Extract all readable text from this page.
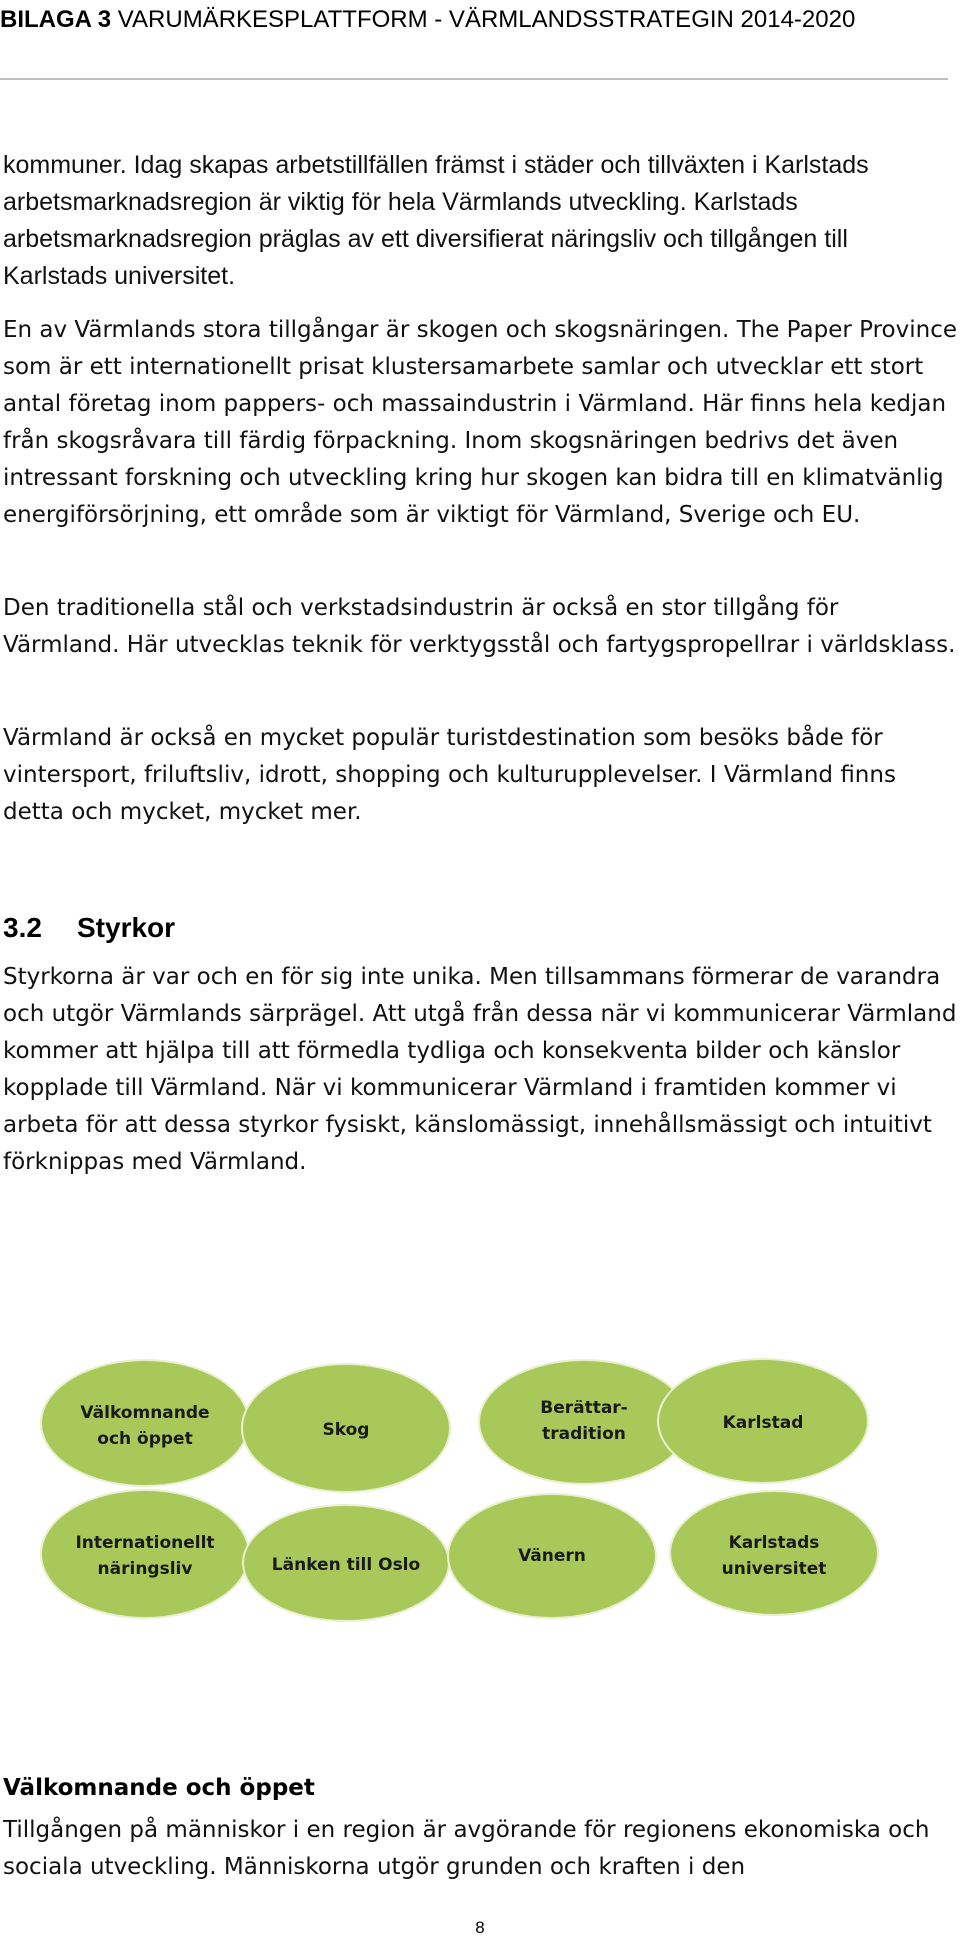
BILAGA 3 VARUMÄRKESPLATTFORM - VÄRMLANDSSTRATEGIN 2014-2020
kommuner. Idag skapas arbetstillfällen främst i städer och tillväxten i Karlstads arbetsmarknadsregion är viktig för hela Värmlands utveckling. Karlstads arbetsmarknadsregion präglas av ett diversifierat näringsliv och tillgången till Karlstads universitet.
En av Värmlands stora tillgångar är skogen och skogsnäringen. The Paper Province som är ett internationellt prisat klustersamarbete samlar och utvecklar ett stort antal företag inom pappers- och massaindustrin i Värmland. Här finns hela kedjan från skogsråvara till färdig förpackning. Inom skogsnäringen bedrivs det även intressant forskning och utveckling kring hur skogen kan bidra till en klimatvänlig energiförsörjning, ett område som är viktigt för Värmland, Sverige och EU.
Den traditionella stål och verkstadsindustrin är också en stor tillgång för Värmland. Här utvecklas teknik för verktygsstål och fartygspropellrar i världsklass.
Värmland är också en mycket populär turistdestination som besöks både för vintersport, friluftsliv, idrott, shopping och kulturupplevelser. I Värmland finns detta och mycket, mycket mer.
3.2 Styrkor
Styrkorna är var och en för sig inte unika. Men tillsammans förmerar de varandra och utgör Värmlands särprägel. Att utgå från dessa när vi kommunicerar Värmland kommer att hjälpa till att förmedla tydliga och konsekventa bilder och känslor kopplade till Värmland. När vi kommunicerar Värmland i framtiden kommer vi arbeta för att dessa styrkor fysiskt, känslomässigt, innehållsmässigt och intuitivt förknippas med Värmland.
Välkomnande
och öppet	Skog
Berättar-
tradition
Karlstad
Internationellt
näringsliv	Länken till Oslo	Vänern
Karlstads
universitet
Välkomnande och öppet
Tillgången på människor i en region är avgörande för regionens ekonomiska och sociala utveckling. Människorna utgör grunden och kraften i den
8
